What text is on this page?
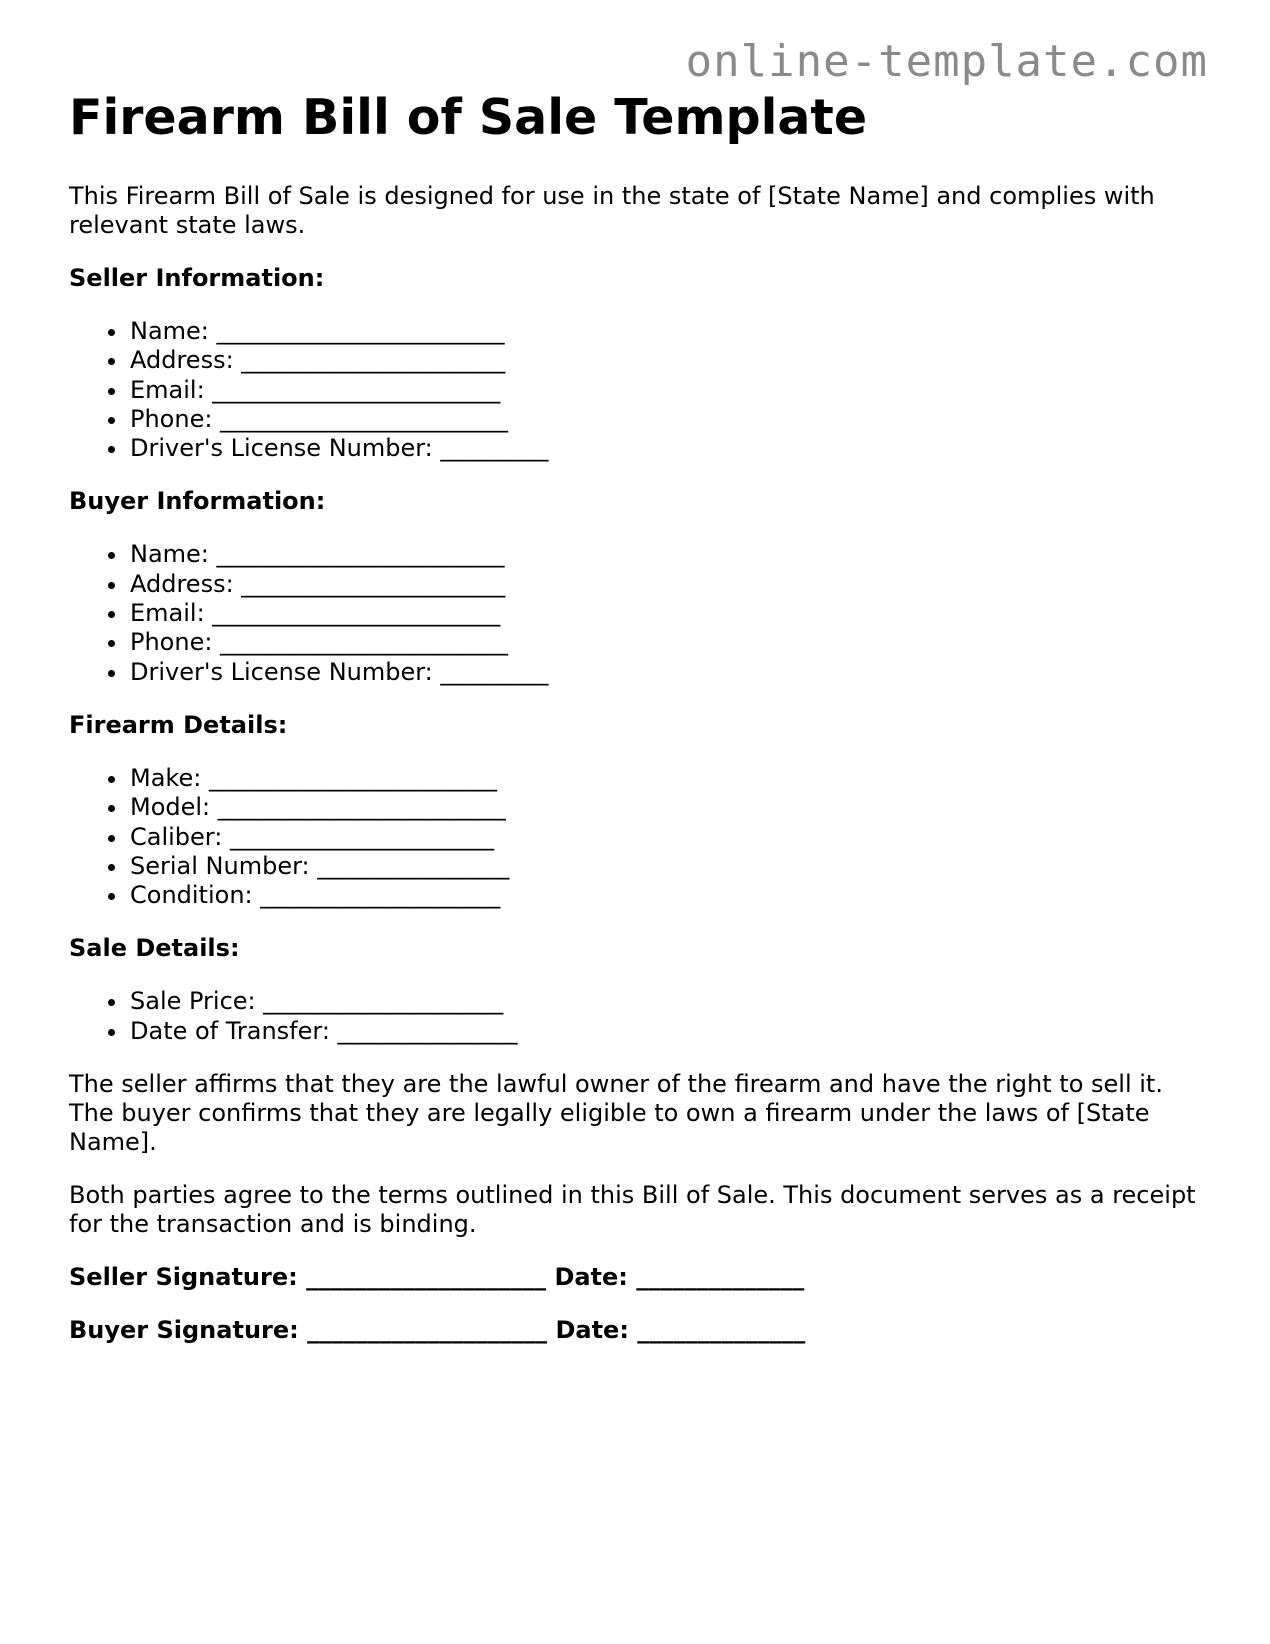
online-template.com
Firearm Bill of Sale Template

This Firearm Bill of Sale is designed for use in the state of [State Name] and complies with relevant state laws.

Seller Information:
Name: ________________________
Address: ______________________
Email: ________________________
Phone: ________________________
Driver's License Number: _________
Buyer Information:
Name: ________________________
Address: ______________________
Email: ________________________
Phone: ________________________
Driver's License Number: _________
Firearm Details:
Make: ________________________
Model: ________________________
Caliber: ______________________
Serial Number: ________________
Condition: ____________________
Sale Details:
Sale Price: ____________________
Date of Transfer: _______________

The seller affirms that they are the lawful owner of the firearm and have the right to sell it. The buyer confirms that they are legally eligible to own a firearm under the laws of [State Name].

Both parties agree to the terms outlined in this Bill of Sale. This document serves as a receipt for the transaction and is binding.

Seller Signature: ____________________ Date: ______________
Buyer Signature: ____________________ Date: ______________
